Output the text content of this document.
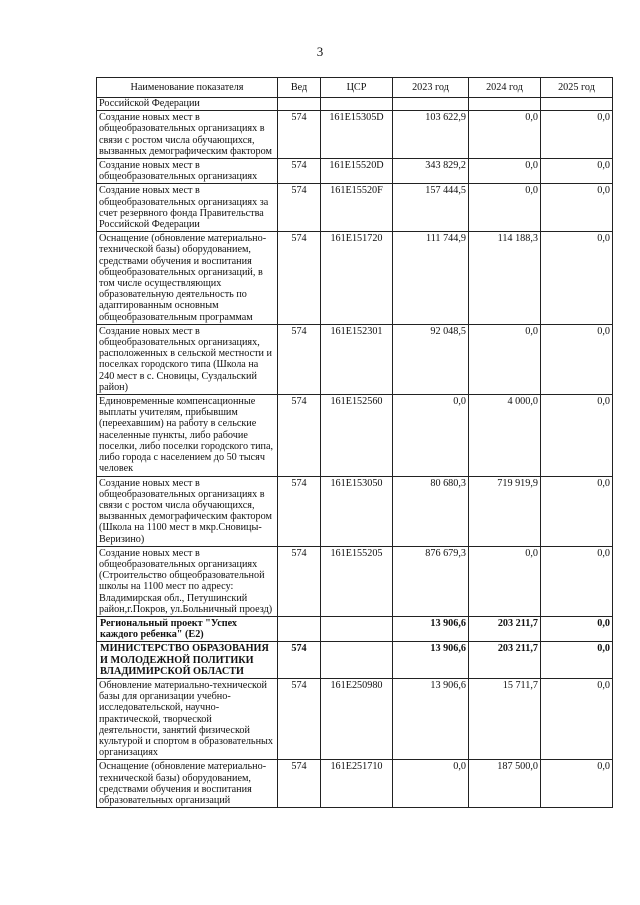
3
Наименование показателя	Вед	ЦСР	2023 год	2024 год	2025 год
Российской Федерации					
Создание новых мест в общеобразовательных организациях в связи с ростом числа обучающихся, вызванных демографическим фактором	574	161E15305D	103 622,9	0,0	0,0
Создание новых мест в общеобразовательных организациях	574	161E15520D	343 829,2	0,0	0,0
Создание новых мест в общеобразовательных организациях за счет резервного фонда Правительства Российской Федерации	574	161E15520F	157 444,5	0,0	0,0
Оснащение (обновление материально-технической базы) оборудованием, средствами обучения и воспитания общеобразовательных организаций, в том числе осуществляющих образовательную деятельность по адаптированным основным общеобразовательным программам	574	161E151720	111 744,9	114 188,3	0,0
Создание новых мест в общеобразовательных организациях, расположенных в сельской местности и поселках городского типа (Школа на 240 мест в с. Сновицы, Суздальский район)	574	161E152301	92 048,5	0,0	0,0
Единовременные компенсационные выплаты учителям, прибывшим (переехавшим) на работу в сельские населенные пункты, либо рабочие поселки, либо поселки городского типа, либо города с населением до 50 тысяч человек	574	161E152560	0,0	4 000,0	0,0
Создание новых мест в общеобразовательных организациях в связи с ростом числа обучающихся, вызванных демографическим фактором (Школа на 1100 мест в мкр.Сновицы-Веризино)	574	161E153050	80 680,3	719 919,9	0,0
Создание новых мест в общеобразовательных организациях (Строительство общеобразовательной школы на 1100 мест по адресу: Владимирская обл., Петушинский район,г.Покров, ул.Больничный проезд)	574	161E155205	876 679,3	0,0	0,0
Региональный проект "Успех каждого ребенка" (Е2)			13 906,6	203 211,7	0,0
МИНИСТЕРСТВО ОБРАЗОВАНИЯ И МОЛОДЕЖНОЙ ПОЛИТИКИ ВЛАДИМИРСКОЙ ОБЛАСТИ	574		13 906,6	203 211,7	0,0
Обновление материально-технической базы для организации учебно-исследовательской, научно-практической, творческой деятельности, занятий физической культурой и спортом в образовательных организациях	574	161E250980	13 906,6	15 711,7	0,0
Оснащение (обновление материально-технической базы) оборудованием, средствами обучения и воспитания образовательных организаций	574	161E251710	0,0	187 500,0	0,0
